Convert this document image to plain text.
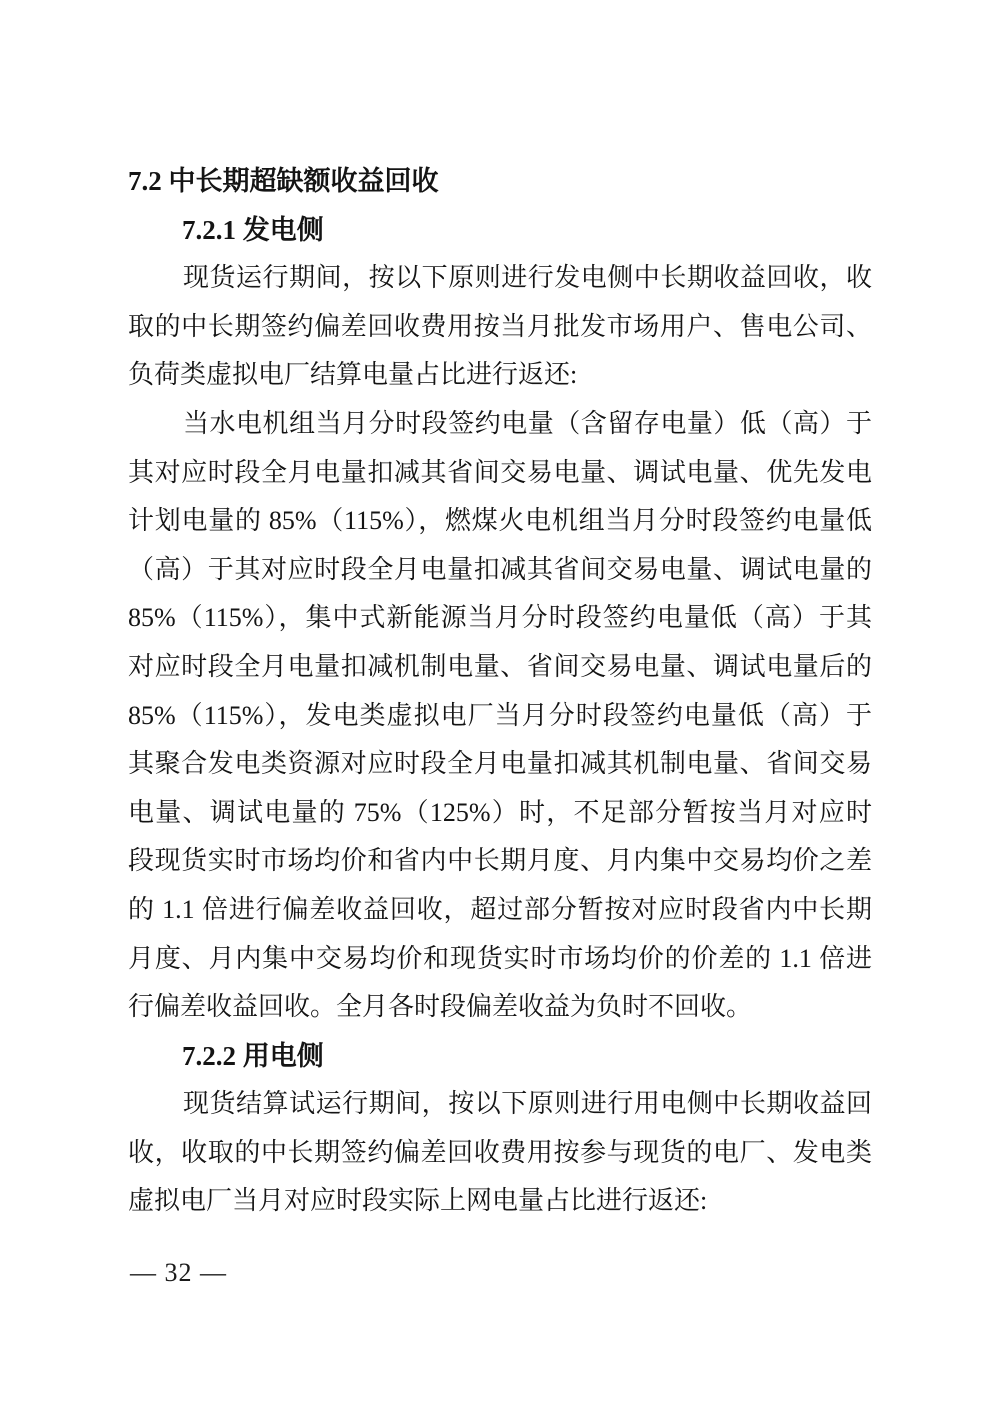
7.2 中长期超缺额收益回收
7.2.1 发电侧
现货运行期间，按以下原则进行发电侧中长期收益回收，收
取的中长期签约偏差回收费用按当月批发市场用户、售电公司、
负荷类虚拟电厂结算电量占比进行返还:
当水电机组当月分时段签约电量（含留存电量）低（高）于
其对应时段全月电量扣减其省间交易电量、调试电量、优先发电
计划电量的 85%（115%），燃煤火电机组当月分时段签约电量低
（高）于其对应时段全月电量扣减其省间交易电量、调试电量的
85%（115%），集中式新能源当月分时段签约电量低（高）于其
对应时段全月电量扣减机制电量、省间交易电量、调试电量后的
85%（115%），发电类虚拟电厂当月分时段签约电量低（高）于
其聚合发电类资源对应时段全月电量扣减其机制电量、省间交易
电量、调试电量的 75%（125%）时，不足部分暂按当月对应时
段现货实时市场均价和省内中长期月度、月内集中交易均价之差
的 1.1 倍进行偏差收益回收，超过部分暂按对应时段省内中长期
月度、月内集中交易均价和现货实时市场均价的价差的 1.1 倍进
行偏差收益回收。全月各时段偏差收益为负时不回收。
7.2.2 用电侧
现货结算试运行期间，按以下原则进行用电侧中长期收益回
收，收取的中长期签约偏差回收费用按参与现货的电厂、发电类
虚拟电厂当月对应时段实际上网电量占比进行返还:
— 32 —
